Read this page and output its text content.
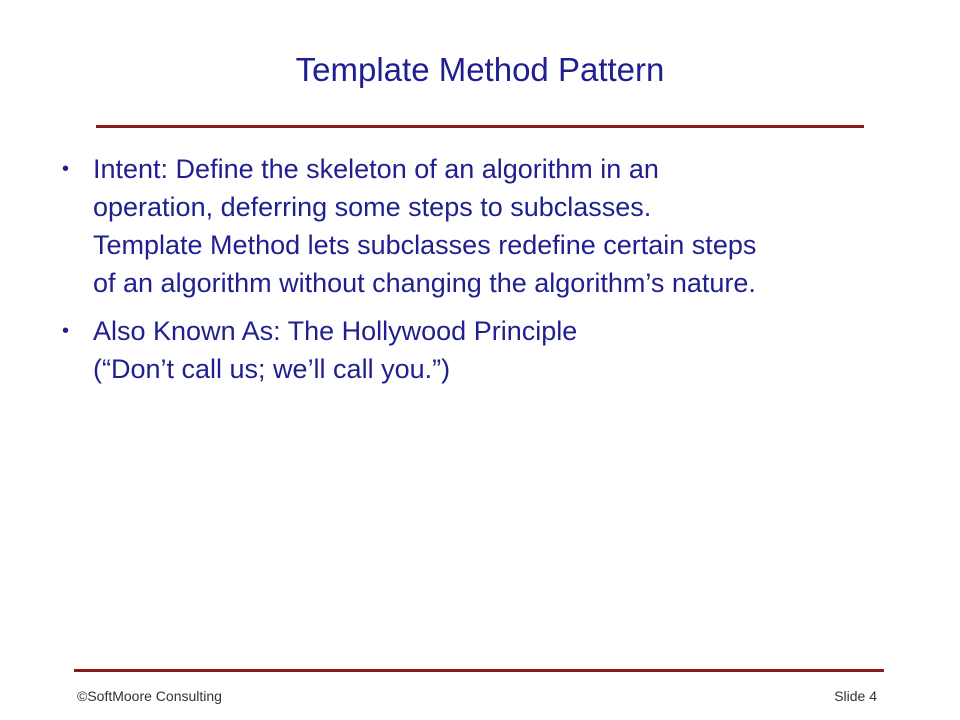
Template Method Pattern
• Intent: Define the skeleton of an algorithm in an
operation, deferring some steps to subclasses.
Template Method lets subclasses redefine certain steps
of an algorithm without changing the algorithm’s nature.
• Also Known As: The Hollywood Principle
(“Don’t call us; we’ll call you.”)
©SoftMoore Consulting	Slide 4
